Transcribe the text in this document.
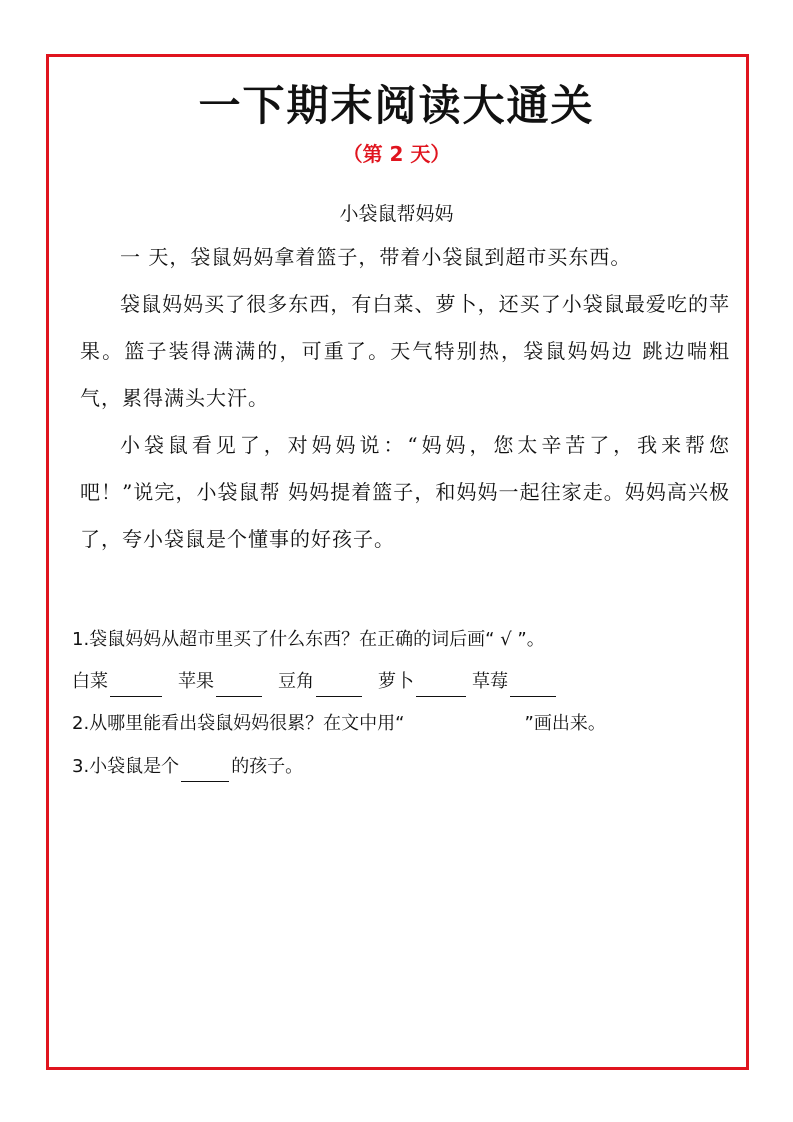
一下期末阅读大通关
（第 2 天）
小袋鼠帮妈妈

一 天，袋鼠妈妈拿着篮子，带着小袋鼠到超市买东西。

袋鼠妈妈买了很多东西，有白菜、萝卜，还买了小袋鼠最爱吃的苹果。篮子装得满满的，可重了。天气特别热，袋鼠妈妈边 跳边喘粗气，累得满头大汗。

小袋鼠看见了，对妈妈说：“妈妈，您太辛苦了，我来帮您吧！”说完，小袋鼠帮 妈妈提着篮子，和妈妈一起往家走。妈妈高兴极了，夸小袋鼠是个懂事的好孩子。

1.袋鼠妈妈从超市里买了什么东西？在正确的词后画“ √ ”。
白菜	苹果	豆角	萝卜	草莓
2.从哪里能看出袋鼠妈妈很累？在文中用“	”画出来。
3.小袋鼠是个	的孩子。
